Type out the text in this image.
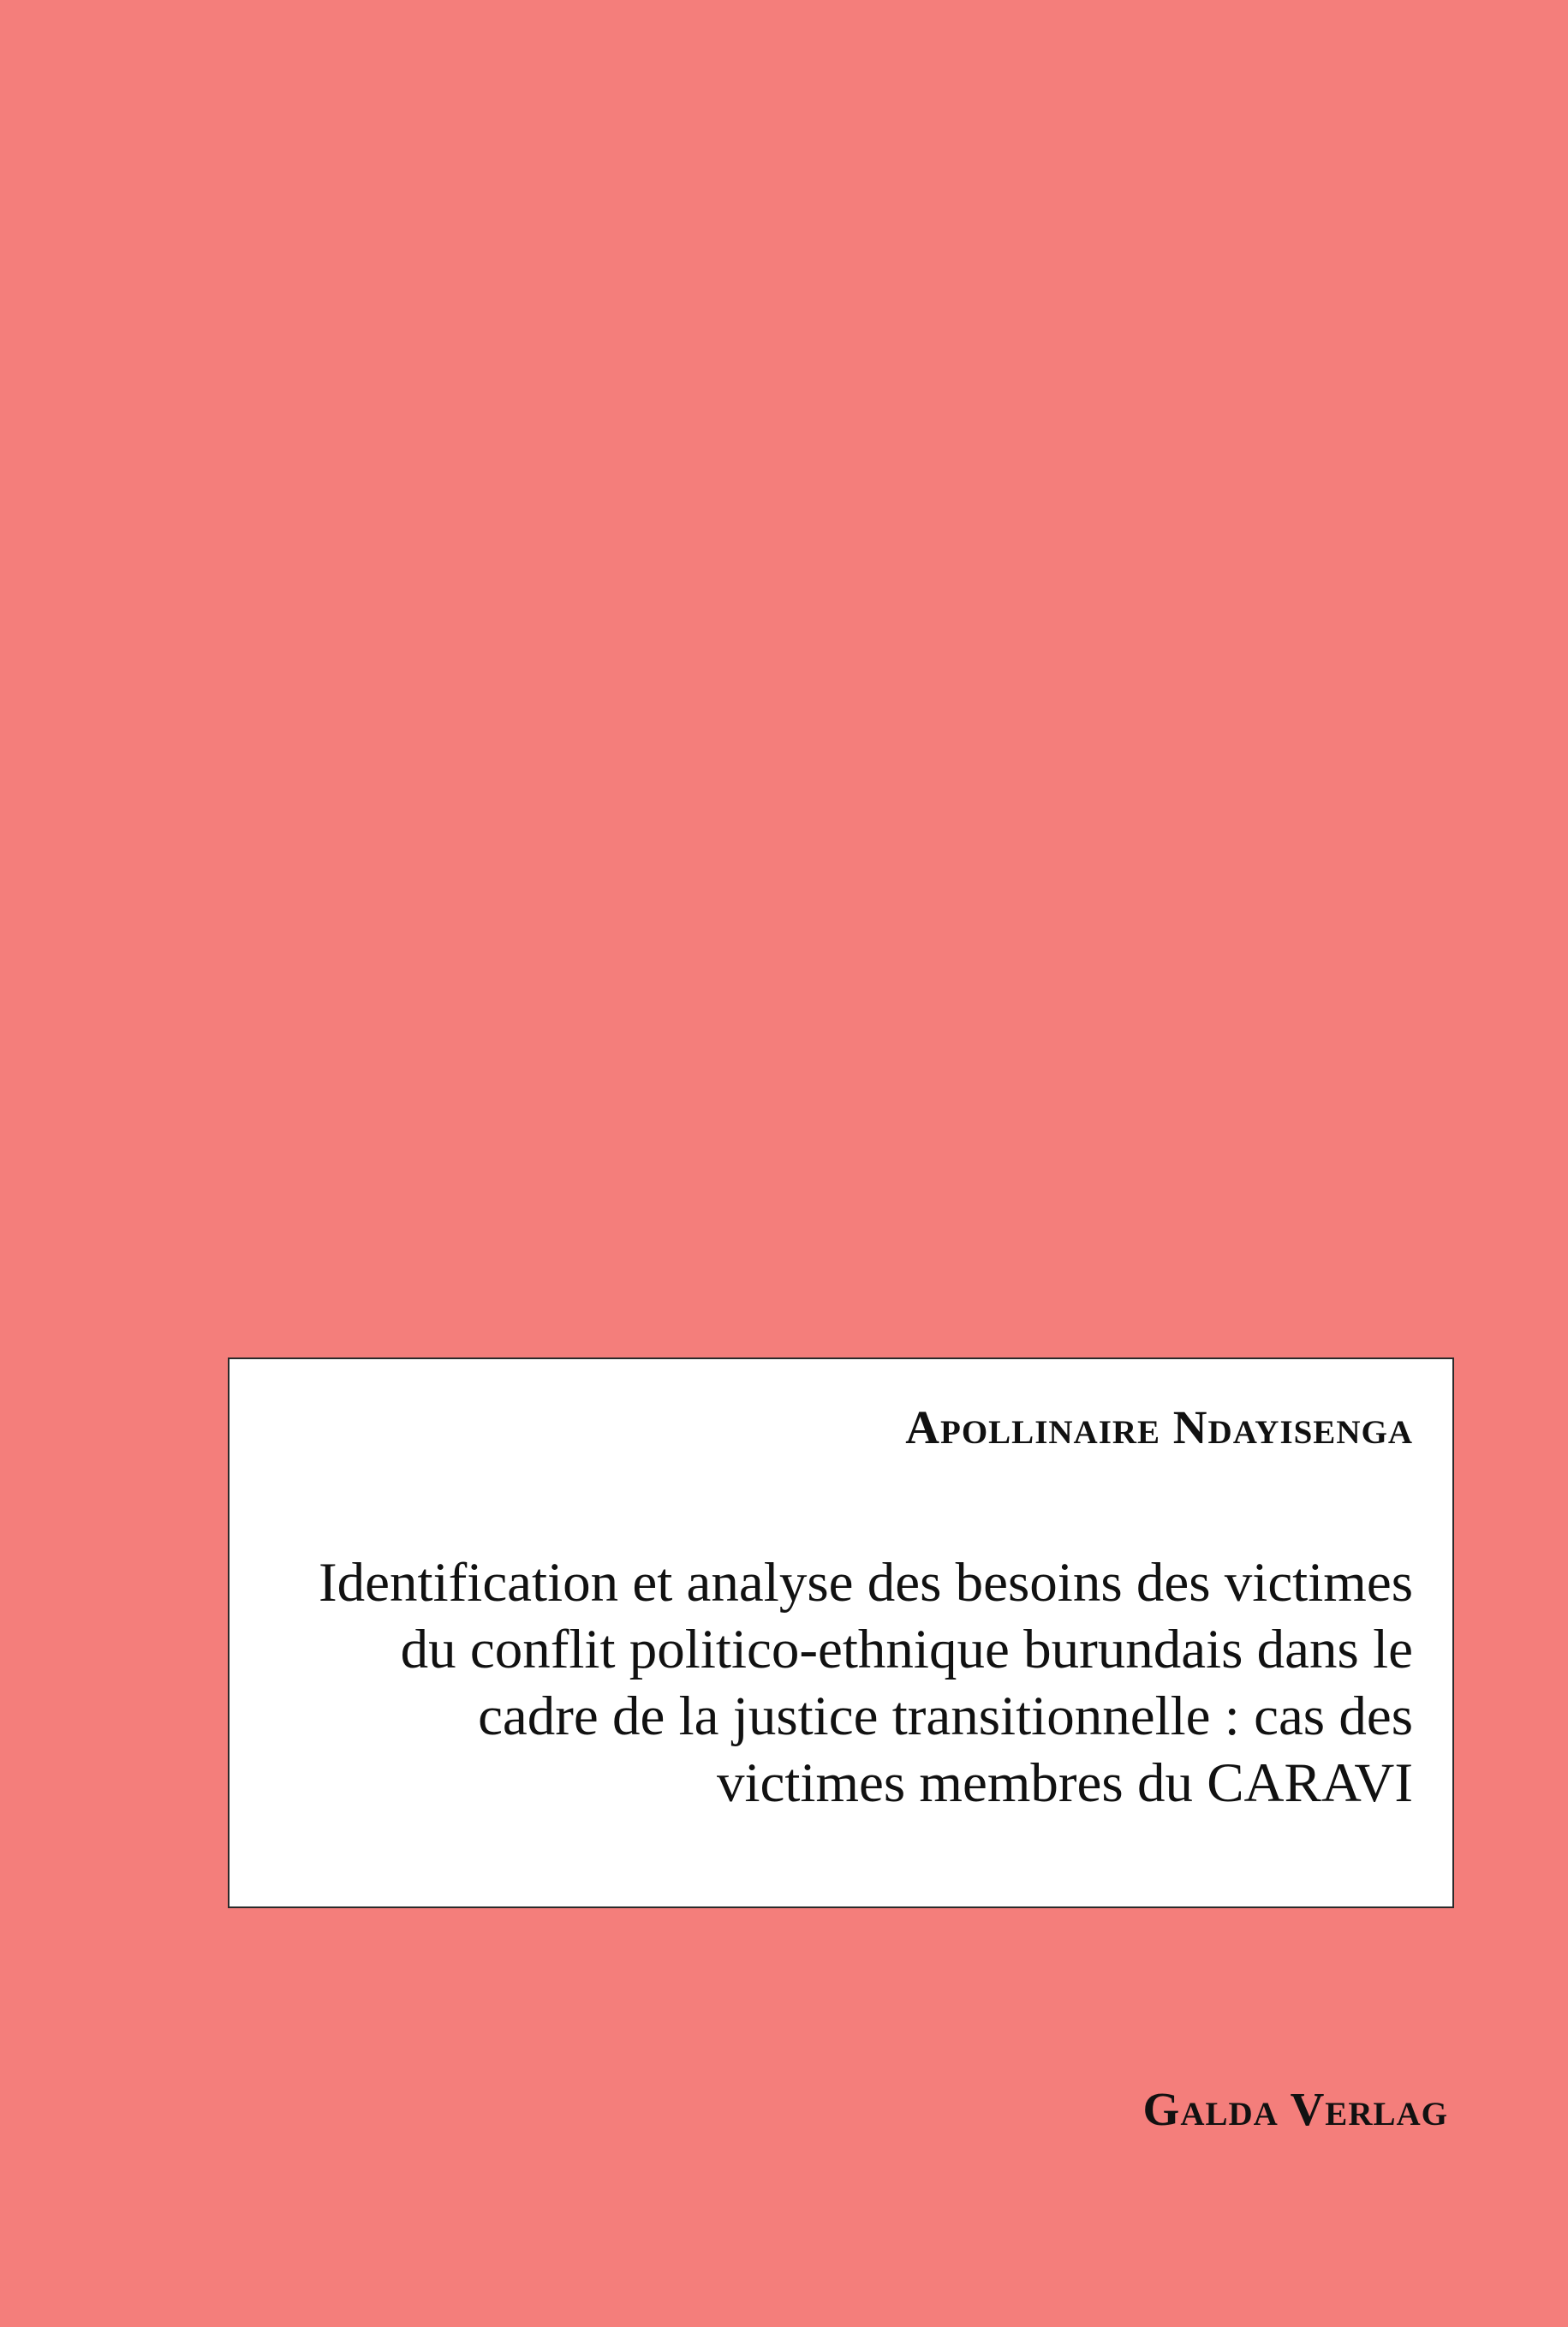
Apollinaire Ndayisenga
Identification et analyse des besoins des victimes
du conflit politico-ethnique burundais dans le
cadre de la justice transitionnelle : cas des
victimes membres du CARAVI
Galda Verlag
